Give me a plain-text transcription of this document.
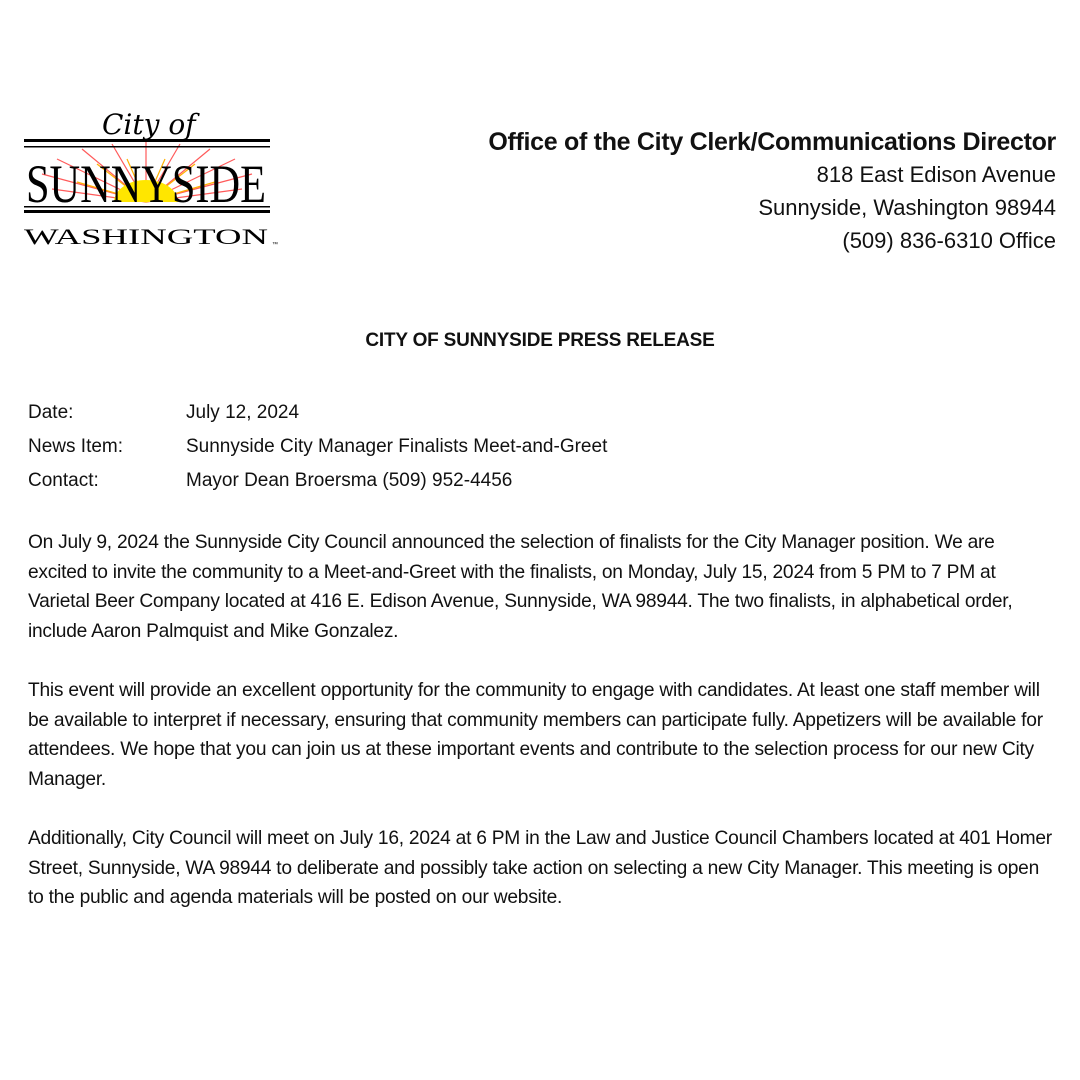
City of
SUNNYSIDE
WASHINGTON ™
Office of the City Clerk/Communications Director
818 East Edison Avenue
Sunnyside, Washington 98944
(509) 836-6310 Office
CITY OF SUNNYSIDE PRESS RELEASE
Date:	July 12, 2024
News Item:	Sunnyside City Manager Finalists Meet-and-Greet
Contact:	Mayor Dean Broersma (509) 952-4456

On July 9, 2024 the Sunnyside City Council announced the selection of finalists for the City Manager position. We are excited to invite the community to a Meet-and-Greet with the finalists, on Monday, July 15, 2024 from 5 PM to 7 PM at Varietal Beer Company located at 416 E. Edison Avenue, Sunnyside, WA 98944. The two finalists, in alphabetical order, include Aaron Palmquist and Mike Gonzalez.

This event will provide an excellent opportunity for the community to engage with candidates. At least one staff member will be available to interpret if necessary, ensuring that community members can participate fully. Appetizers will be available for attendees. We hope that you can join us at these important events and contribute to the selection process for our new City Manager.

Additionally, City Council will meet on July 16, 2024 at 6 PM in the Law and Justice Council Chambers located at 401 Homer Street, Sunnyside, WA 98944 to deliberate and possibly take action on selecting a new City Manager. This meeting is open to the public and agenda materials will be posted on our website.
